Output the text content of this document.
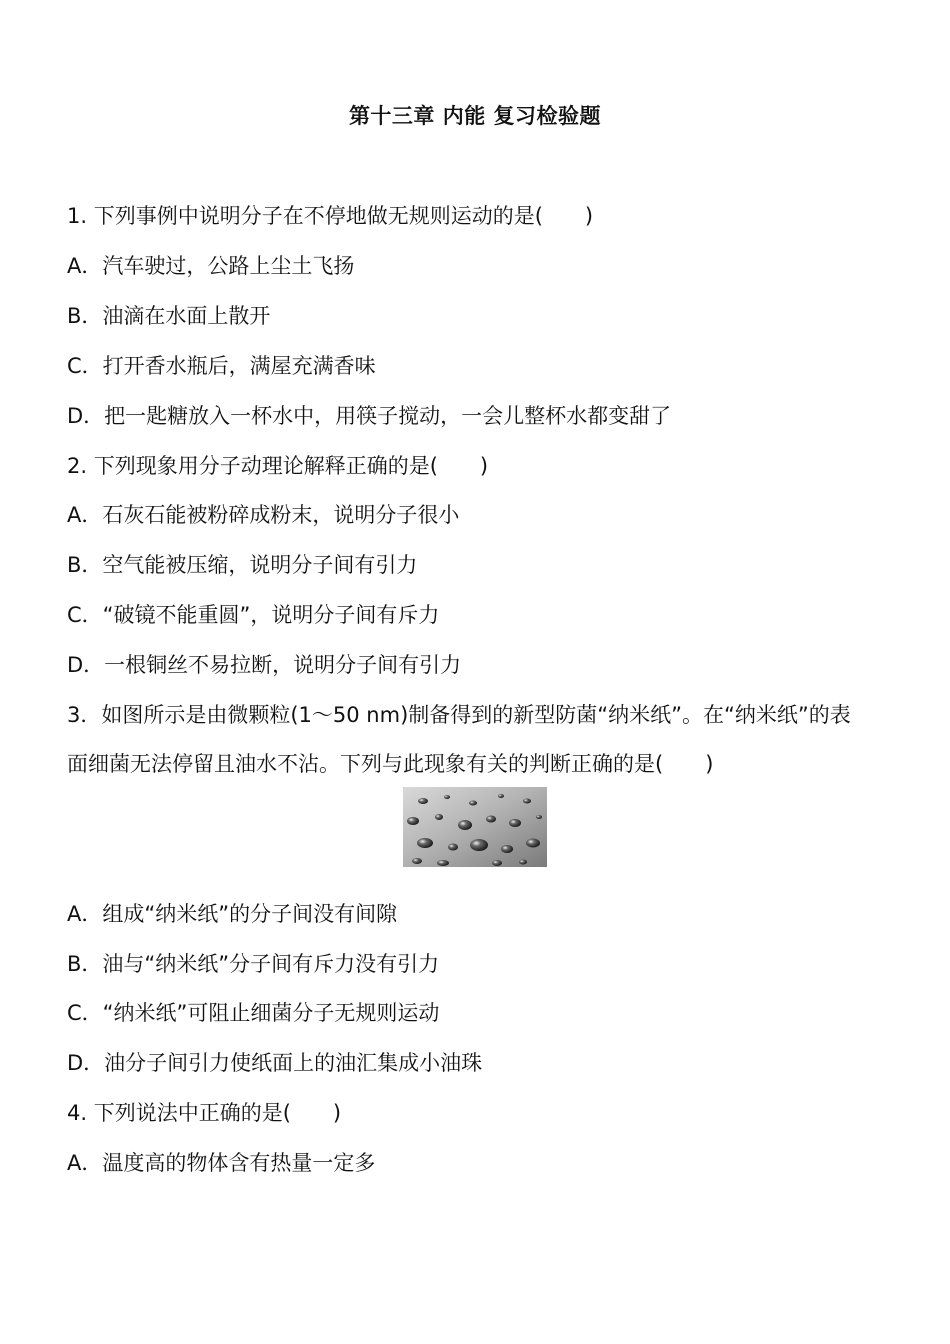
第十三章 内能 复习检验题
1. 下列事例中说明分子在不停地做无规则运动的是(　　)
A．汽车驶过，公路上尘土飞扬
B．油滴在水面上散开
C．打开香水瓶后，满屋充满香味
D．把一匙糖放入一杯水中，用筷子搅动，一会儿整杯水都变甜了
2. 下列现象用分子动理论解释正确的是(　　)
A．石灰石能被粉碎成粉末，说明分子很小
B．空气能被压缩，说明分子间有引力
C．“破镜不能重圆”，说明分子间有斥力
D．一根铜丝不易拉断，说明分子间有引力
3．如图所示是由微颗粒(1～50 nm)制备得到的新型防菌“纳米纸”。在“纳米纸”的表
面细菌无法停留且油水不沾。下列与此现象有关的判断正确的是(　　)
A．组成“纳米纸”的分子间没有间隙
B．油与“纳米纸”分子间有斥力没有引力
C．“纳米纸”可阻止细菌分子无规则运动
D．油分子间引力使纸面上的油汇集成小油珠
4. 下列说法中正确的是(　　)
A．温度高的物体含有热量一定多
